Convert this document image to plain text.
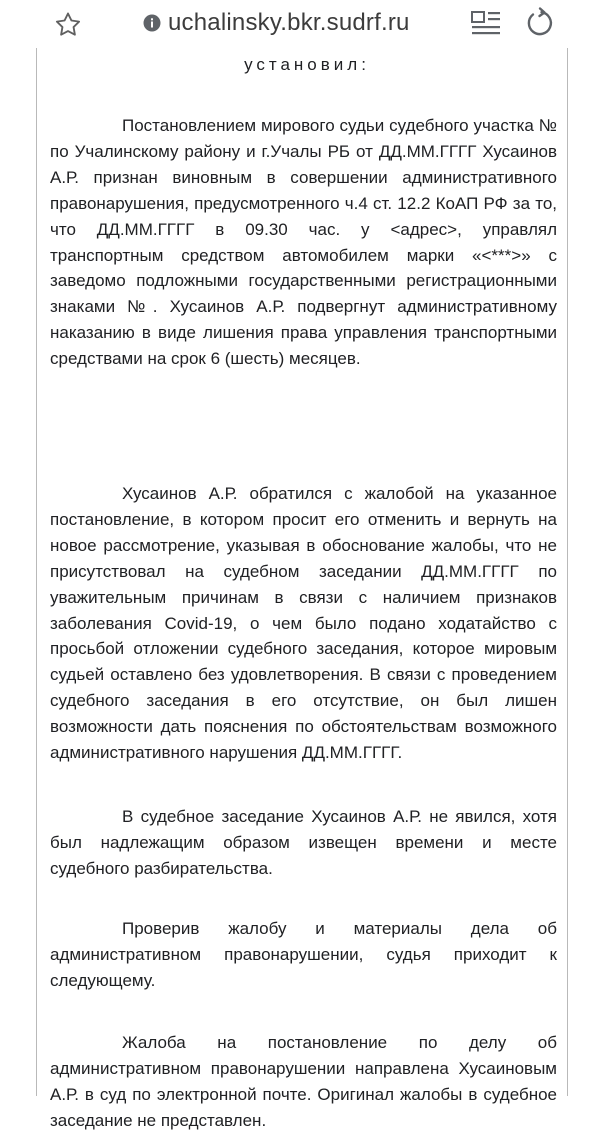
uchalinsky.bkr.sudrf.ru
установил:

Постановлением мирового судьи судебного участка № по Учалинскому району и г.Учалы РБ от ДД.ММ.ГГГГ Хусаинов А.Р. признан виновным в совершении административного правонарушения, предусмотренного ч.4 ст. 12.2 КоАП РФ за то, что ДД.ММ.ГГГГ в 09.30 час. у <адрес>, управлял транспортным средством автомобилем марки «<***>» с заведомо подложными государственными регистрационными знаками №. Хусаинов А.Р. подвергнут административному наказанию в виде лишения права управления транспортными средствами на срок 6 (шесть) месяцев.

Хусаинов А.Р. обратился с жалобой на указанное постановление, в котором просит его отменить и вернуть на новое рассмотрение, указывая в обоснование жалобы, что не присутствовал на судебном заседании ДД.ММ.ГГГГ по уважительным причинам в связи с наличием признаков заболевания Covid-19, о чем было подано ходатайство с просьбой отложении судебного заседания, которое мировым судьей оставлено без удовлетворения. В связи с проведением судебного заседания в его отсутствие, он был лишен возможности дать пояснения по обстоятельствам возможного административного нарушения ДД.ММ.ГГГГ.

В судебное заседание Хусаинов А.Р. не явился, хотя был надлежащим образом извещен времени и месте судебного разбирательства.

Проверив жалобу и материалы дела об административном правонарушении, судья приходит к следующему.

Жалоба на постановление по делу об административном правонарушении направлена Хусаиновым А.Р. в суд по электронной почте. Оригинал жалобы в судебное заседание не представлен.
